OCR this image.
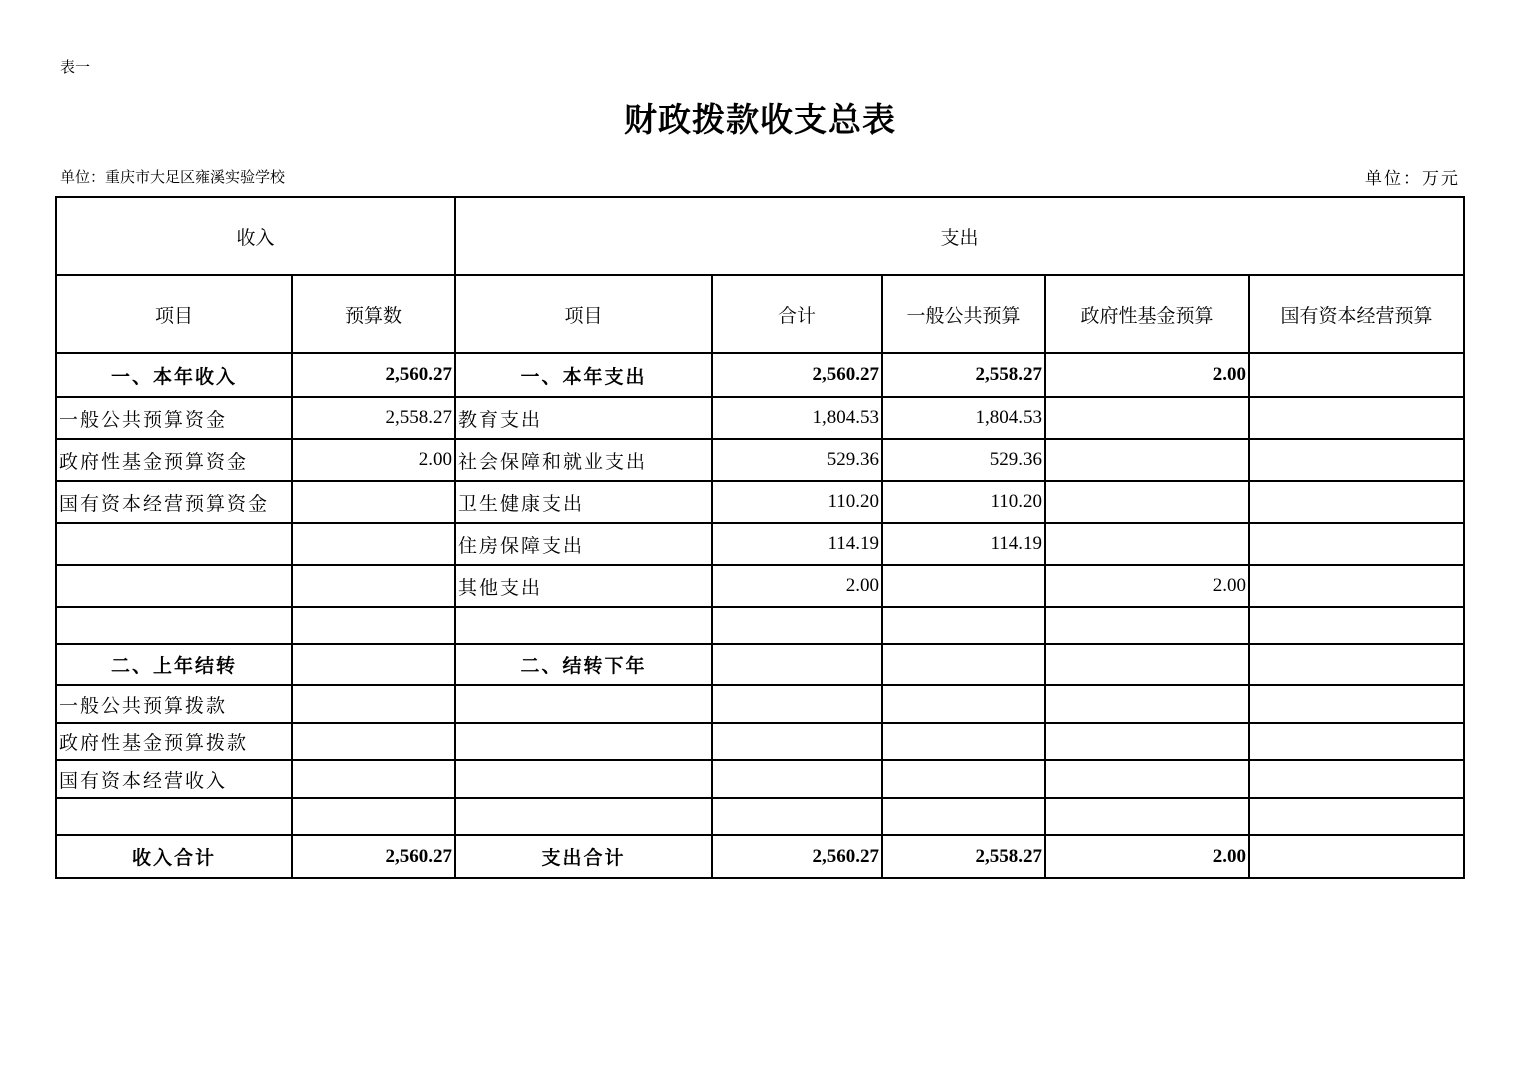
表一
财政拨款收支总表
单位：重庆市大足区雍溪实验学校	单位：万元
收入		支出				
项目	预算数	项目	合计	一般公共预算	政府性基金预算	国有资本经营预算
一、本年收入	2,560.27	一、本年支出	2,560.27	2,558.27	2.00	
一般公共预算资金	2,558.27	教育支出	1,804.53	1,804.53		
政府性基金预算资金	2.00	社会保障和就业支出	529.36	529.36		
国有资本经营预算资金		卫生健康支出	110.20	110.20		
		住房保障支出	114.19	114.19		
		其他支出	2.00		2.00	

二、上年结转		二、结转下年				
一般公共预算拨款						
政府性基金预算拨款						
国有资本经营收入						

收入合计	2,560.27	支出合计	2,560.27	2,558.27	2.00	
